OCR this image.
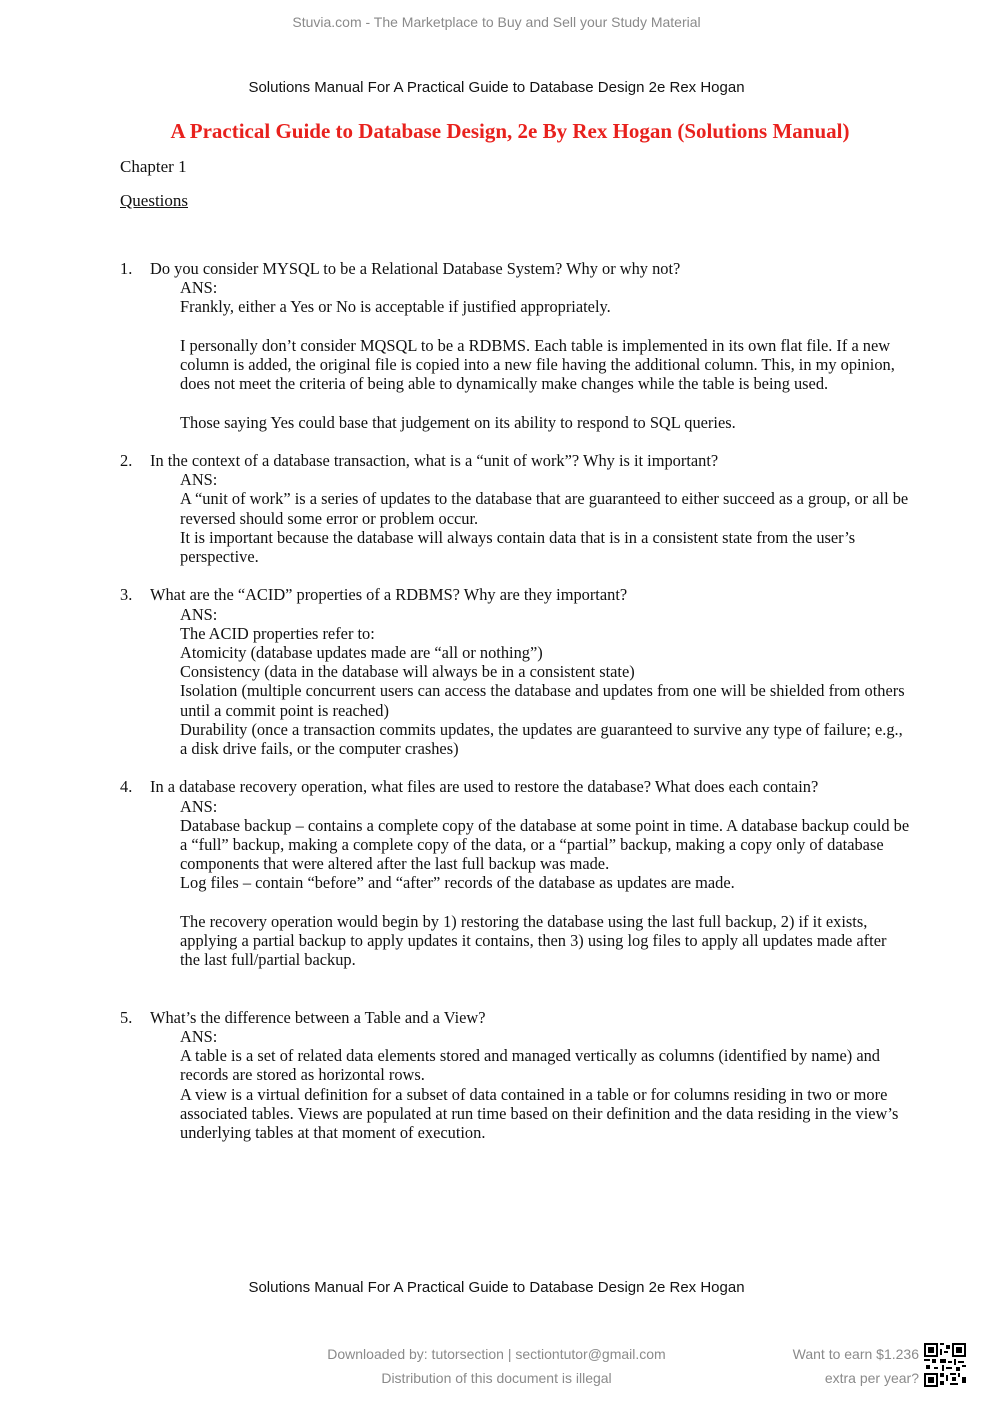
Stuvia.com - The Marketplace to Buy and Sell your Study Material
Solutions Manual For A Practical Guide to Database Design 2e Rex Hogan
A Practical Guide to Database Design, 2e By Rex Hogan (Solutions Manual)
Chapter 1
Questions
1. Do you consider MYSQL to be a Relational Database System? Why or why not?
ANS:
Frankly, either a Yes or No is acceptable if justified appropriately.
I personally don’t consider MQSQL to be a RDBMS. Each table is implemented in its own flat file. If a new column is added, the original file is copied into a new file having the additional column. This, in my opinion, does not meet the criteria of being able to dynamically make changes while the table is being used.
Those saying Yes could base that judgement on its ability to respond to SQL queries.
2. In the context of a database transaction, what is a “unit of work”? Why is it important?
ANS:
A “unit of work” is a series of updates to the database that are guaranteed to either succeed as a group, or all be reversed should some error or problem occur.
It is important because the database will always contain data that is in a consistent state from the user’s perspective.
3. What are the “ACID” properties of a RDBMS? Why are they important?
ANS:
The ACID properties refer to:
Atomicity (database updates made are “all or nothing”)
Consistency (data in the database will always be in a consistent state)
Isolation (multiple concurrent users can access the database and updates from one will be shielded from others until a commit point is reached)
Durability (once a transaction commits updates, the updates are guaranteed to survive any type of failure; e.g., a disk drive fails, or the computer crashes)
4. In a database recovery operation, what files are used to restore the database? What does each contain?
ANS:
Database backup – contains a complete copy of the database at some point in time. A database backup could be a “full” backup, making a complete copy of the data, or a “partial” backup, making a copy only of database components that were altered after the last full backup was made.
Log files – contain “before” and “after” records of the database as updates are made.
The recovery operation would begin by 1) restoring the database using the last full backup, 2) if it exists, applying a partial backup to apply updates it contains, then 3) using log files to apply all updates made after the last full/partial backup.
5. What’s the difference between a Table and a View?
ANS:
A table is a set of related data elements stored and managed vertically as columns (identified by name) and records are stored as horizontal rows.
A view is a virtual definition for a subset of data contained in a table or for columns residing in two or more associated tables. Views are populated at run time based on their definition and the data residing in the view’s underlying tables at that moment of execution.
Solutions Manual For A Practical Guide to Database Design 2e Rex Hogan
Downloaded by: tutorsection | sectiontutor@gmail.com
Distribution of this document is illegal
Want to earn $1.236
extra per year?
